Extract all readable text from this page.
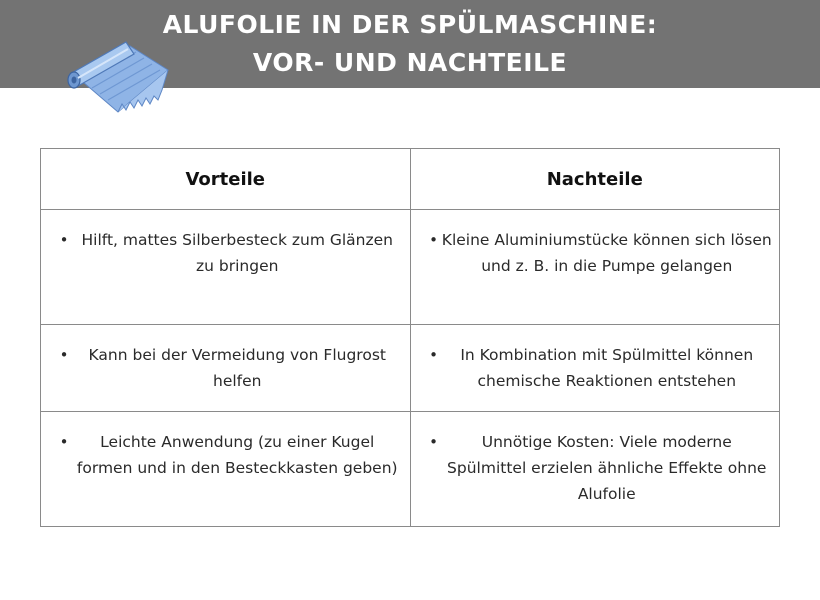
ALUFOLIE IN DER SPÜLMASCHINE:
VOR- UND NACHTEILE
Vorteile	Nachteile

• Hilft, mattes Silberbesteck zum Glänzen zu bringen	• Kleine Aluminiumstücke können sich lösen und z. B. in die Pumpe gelangen

• Kann bei der Vermeidung von Flugrost helfen	• In Kombination mit Spülmittel können chemische Reaktionen entstehen

• Leichte Anwendung (zu einer Kugel formen und in den Besteckkasten geben)	• Unnötige Kosten: Viele moderne Spülmittel erzielen ähnliche Effekte ohne Alufolie
